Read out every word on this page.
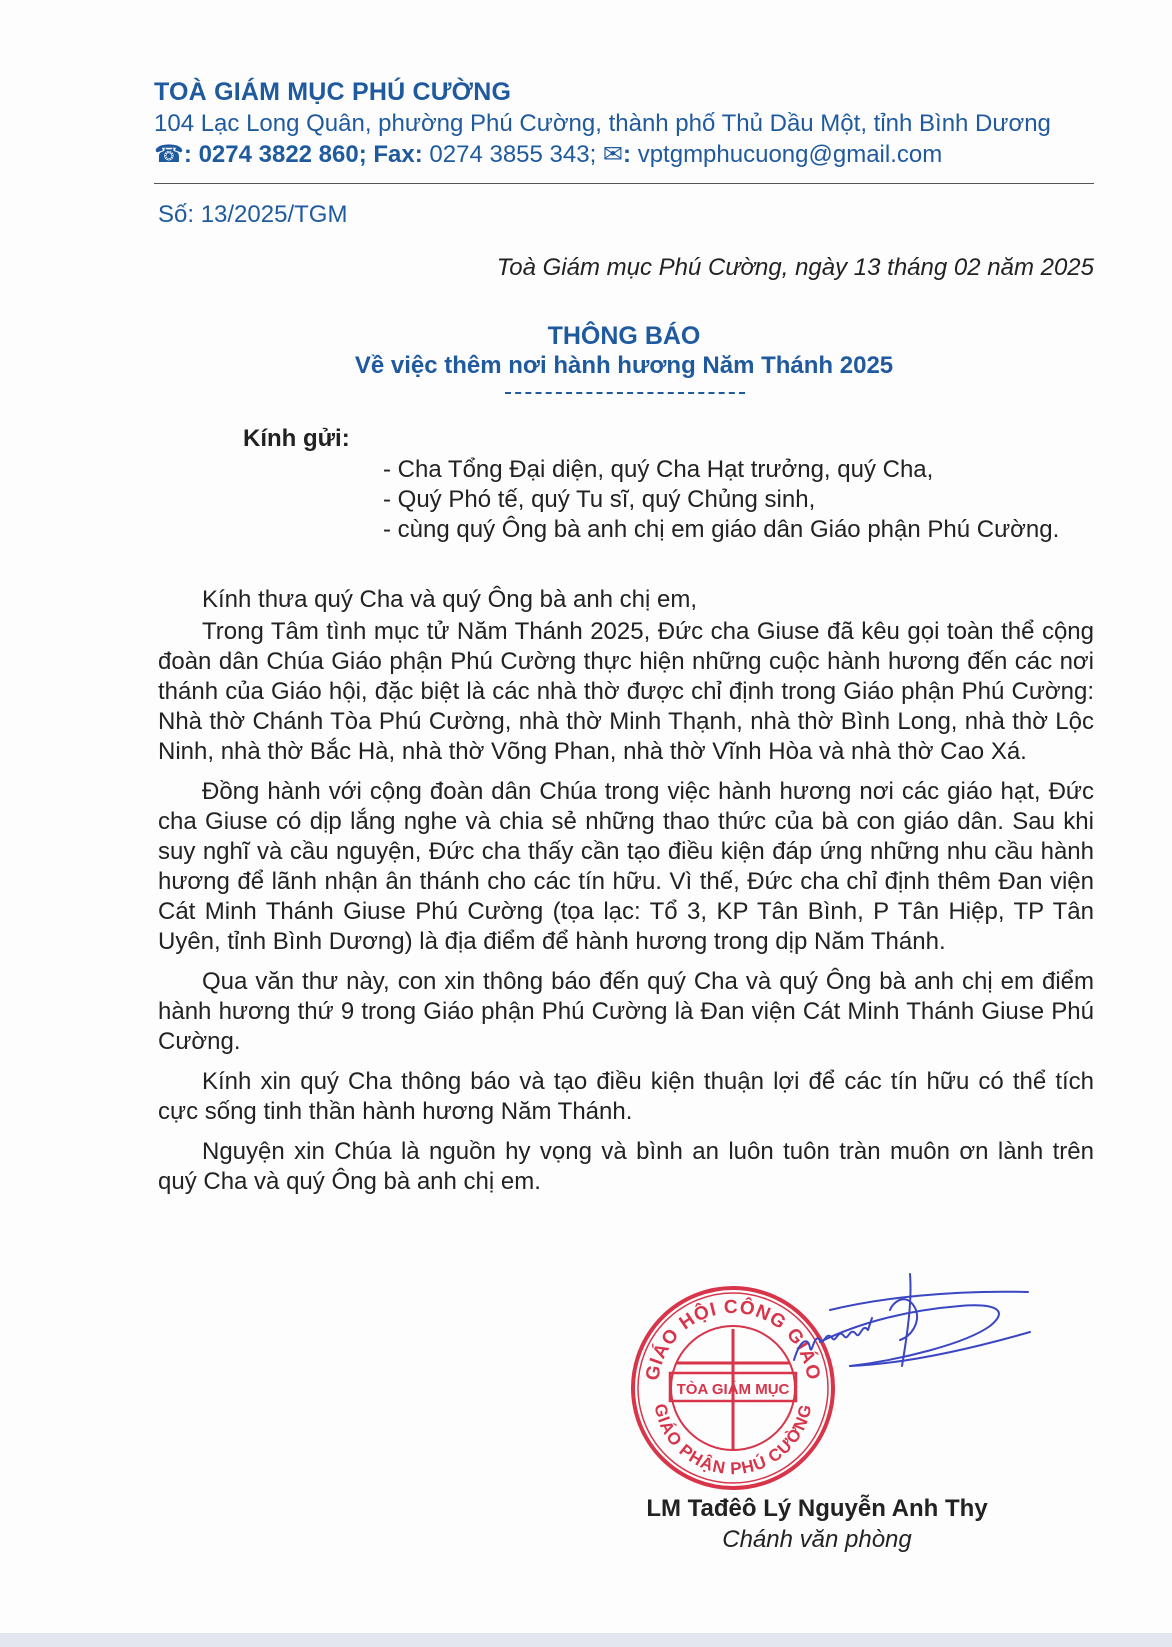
TOÀ GIÁM MỤC PHÚ CƯỜNG
104 Lạc Long Quân, phường Phú Cường, thành phố Thủ Dầu Một, tỉnh Bình Dương
☎: 0274 3822 860; Fax: 0274 3855 343; ✉: vptgmphucuong@gmail.com
Số: 13/2025/TGM
Toà Giám mục Phú Cường, ngày 13 tháng 02 năm 2025
THÔNG BÁO
Về việc thêm nơi hành hương Năm Thánh 2025
Kính gửi:
- Cha Tổng Đại diện, quý Cha Hạt trưởng, quý Cha,
- Quý Phó tế, quý Tu sĩ, quý Chủng sinh,
- cùng quý Ông bà anh chị em giáo dân Giáo phận Phú Cường.

Kính thưa quý Cha và quý Ông bà anh chị em,

Trong Tâm tình mục tử Năm Thánh 2025, Đức cha Giuse đã kêu gọi toàn thể cộng đoàn dân Chúa Giáo phận Phú Cường thực hiện những cuộc hành hương đến các nơi thánh của Giáo hội, đặc biệt là các nhà thờ được chỉ định trong Giáo phận Phú Cường: Nhà thờ Chánh Tòa Phú Cường, nhà thờ Minh Thạnh, nhà thờ Bình Long, nhà thờ Lộc Ninh, nhà thờ Bắc Hà, nhà thờ Võng Phan, nhà thờ Vĩnh Hòa và nhà thờ Cao Xá.

Đồng hành với cộng đoàn dân Chúa trong việc hành hương nơi các giáo hạt, Đức cha Giuse có dịp lắng nghe và chia sẻ những thao thức của bà con giáo dân. Sau khi suy nghĩ và cầu nguyện, Đức cha thấy cần tạo điều kiện đáp ứng những nhu cầu hành hương để lãnh nhận ân thánh cho các tín hữu. Vì thế, Đức cha chỉ định thêm Đan viện Cát Minh Thánh Giuse Phú Cường (tọa lạc: Tổ 3, KP Tân Bình, P Tân Hiệp, TP Tân Uyên, tỉnh Bình Dương) là địa điểm để hành hương trong dịp Năm Thánh.

Qua văn thư này, con xin thông báo đến quý Cha và quý Ông bà anh chị em điểm hành hương thứ 9 trong Giáo phận Phú Cường là Đan viện Cát Minh Thánh Giuse Phú Cường.

Kính xin quý Cha thông báo và tạo điều kiện thuận lợi để các tín hữu có thể tích cực sống tinh thần hành hương Năm Thánh.

Nguyện xin Chúa là nguồn hy vọng và bình an luôn tuôn tràn muôn ơn lành trên quý Cha và quý Ông bà anh chị em.

GIÁO HỘI CÔNG GIÁO
GIÁO PHẬN PHÚ CƯỜNG
TÒA GIÁM MỤC
LM Tađêô Lý Nguyễn Anh Thy
Chánh văn phòng
